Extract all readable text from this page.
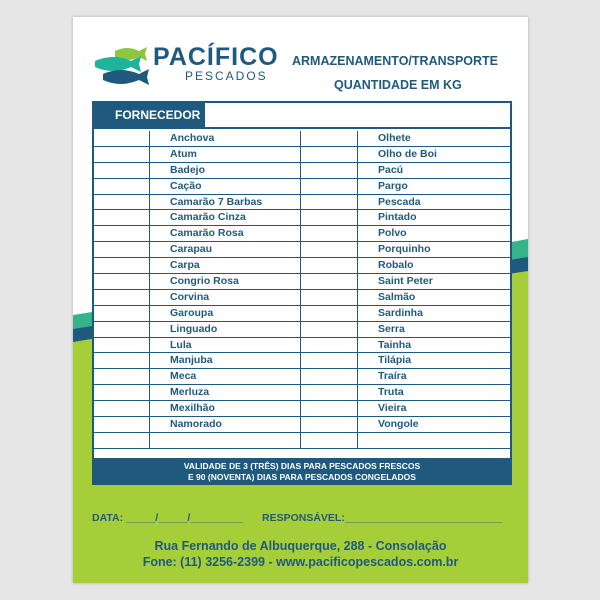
PACÍFICO
PESCADOS
ARMAZENAMENTO/TRANSPORTE
QUANTIDADE EM KG
FORNECEDOR
Anchova	Olhete
Atum	Olho de Boi
Badejo	Pacú
Cação	Pargo
Camarão 7 Barbas	Pescada
Camarão Cinza	Pintado
Camarão Rosa	Polvo
Carapau	Porquinho
Carpa	Robalo
Congrio Rosa	Saint Peter
Corvina	Salmão
Garoupa	Sardinha
Linguado	Serra
Lula	Tainha
Manjuba	Tilápia
Meca	Traíra
Merluza	Truta
Mexilhão	Vieira
Namorado	Vongole
VALIDADE DE 3 (TRÊS) DIAS PARA PESCADOS FRESCOS
E 90 (NOVENTA) DIAS PARA PESCADOS CONGELADOS
DATA: _____/_____/_________ RESPONSÁVEL:___________________________
Rua Fernando de Albuquerque, 288 - Consolação
Fone: (11) 3256-2399 - www.pacificopescados.com.br
